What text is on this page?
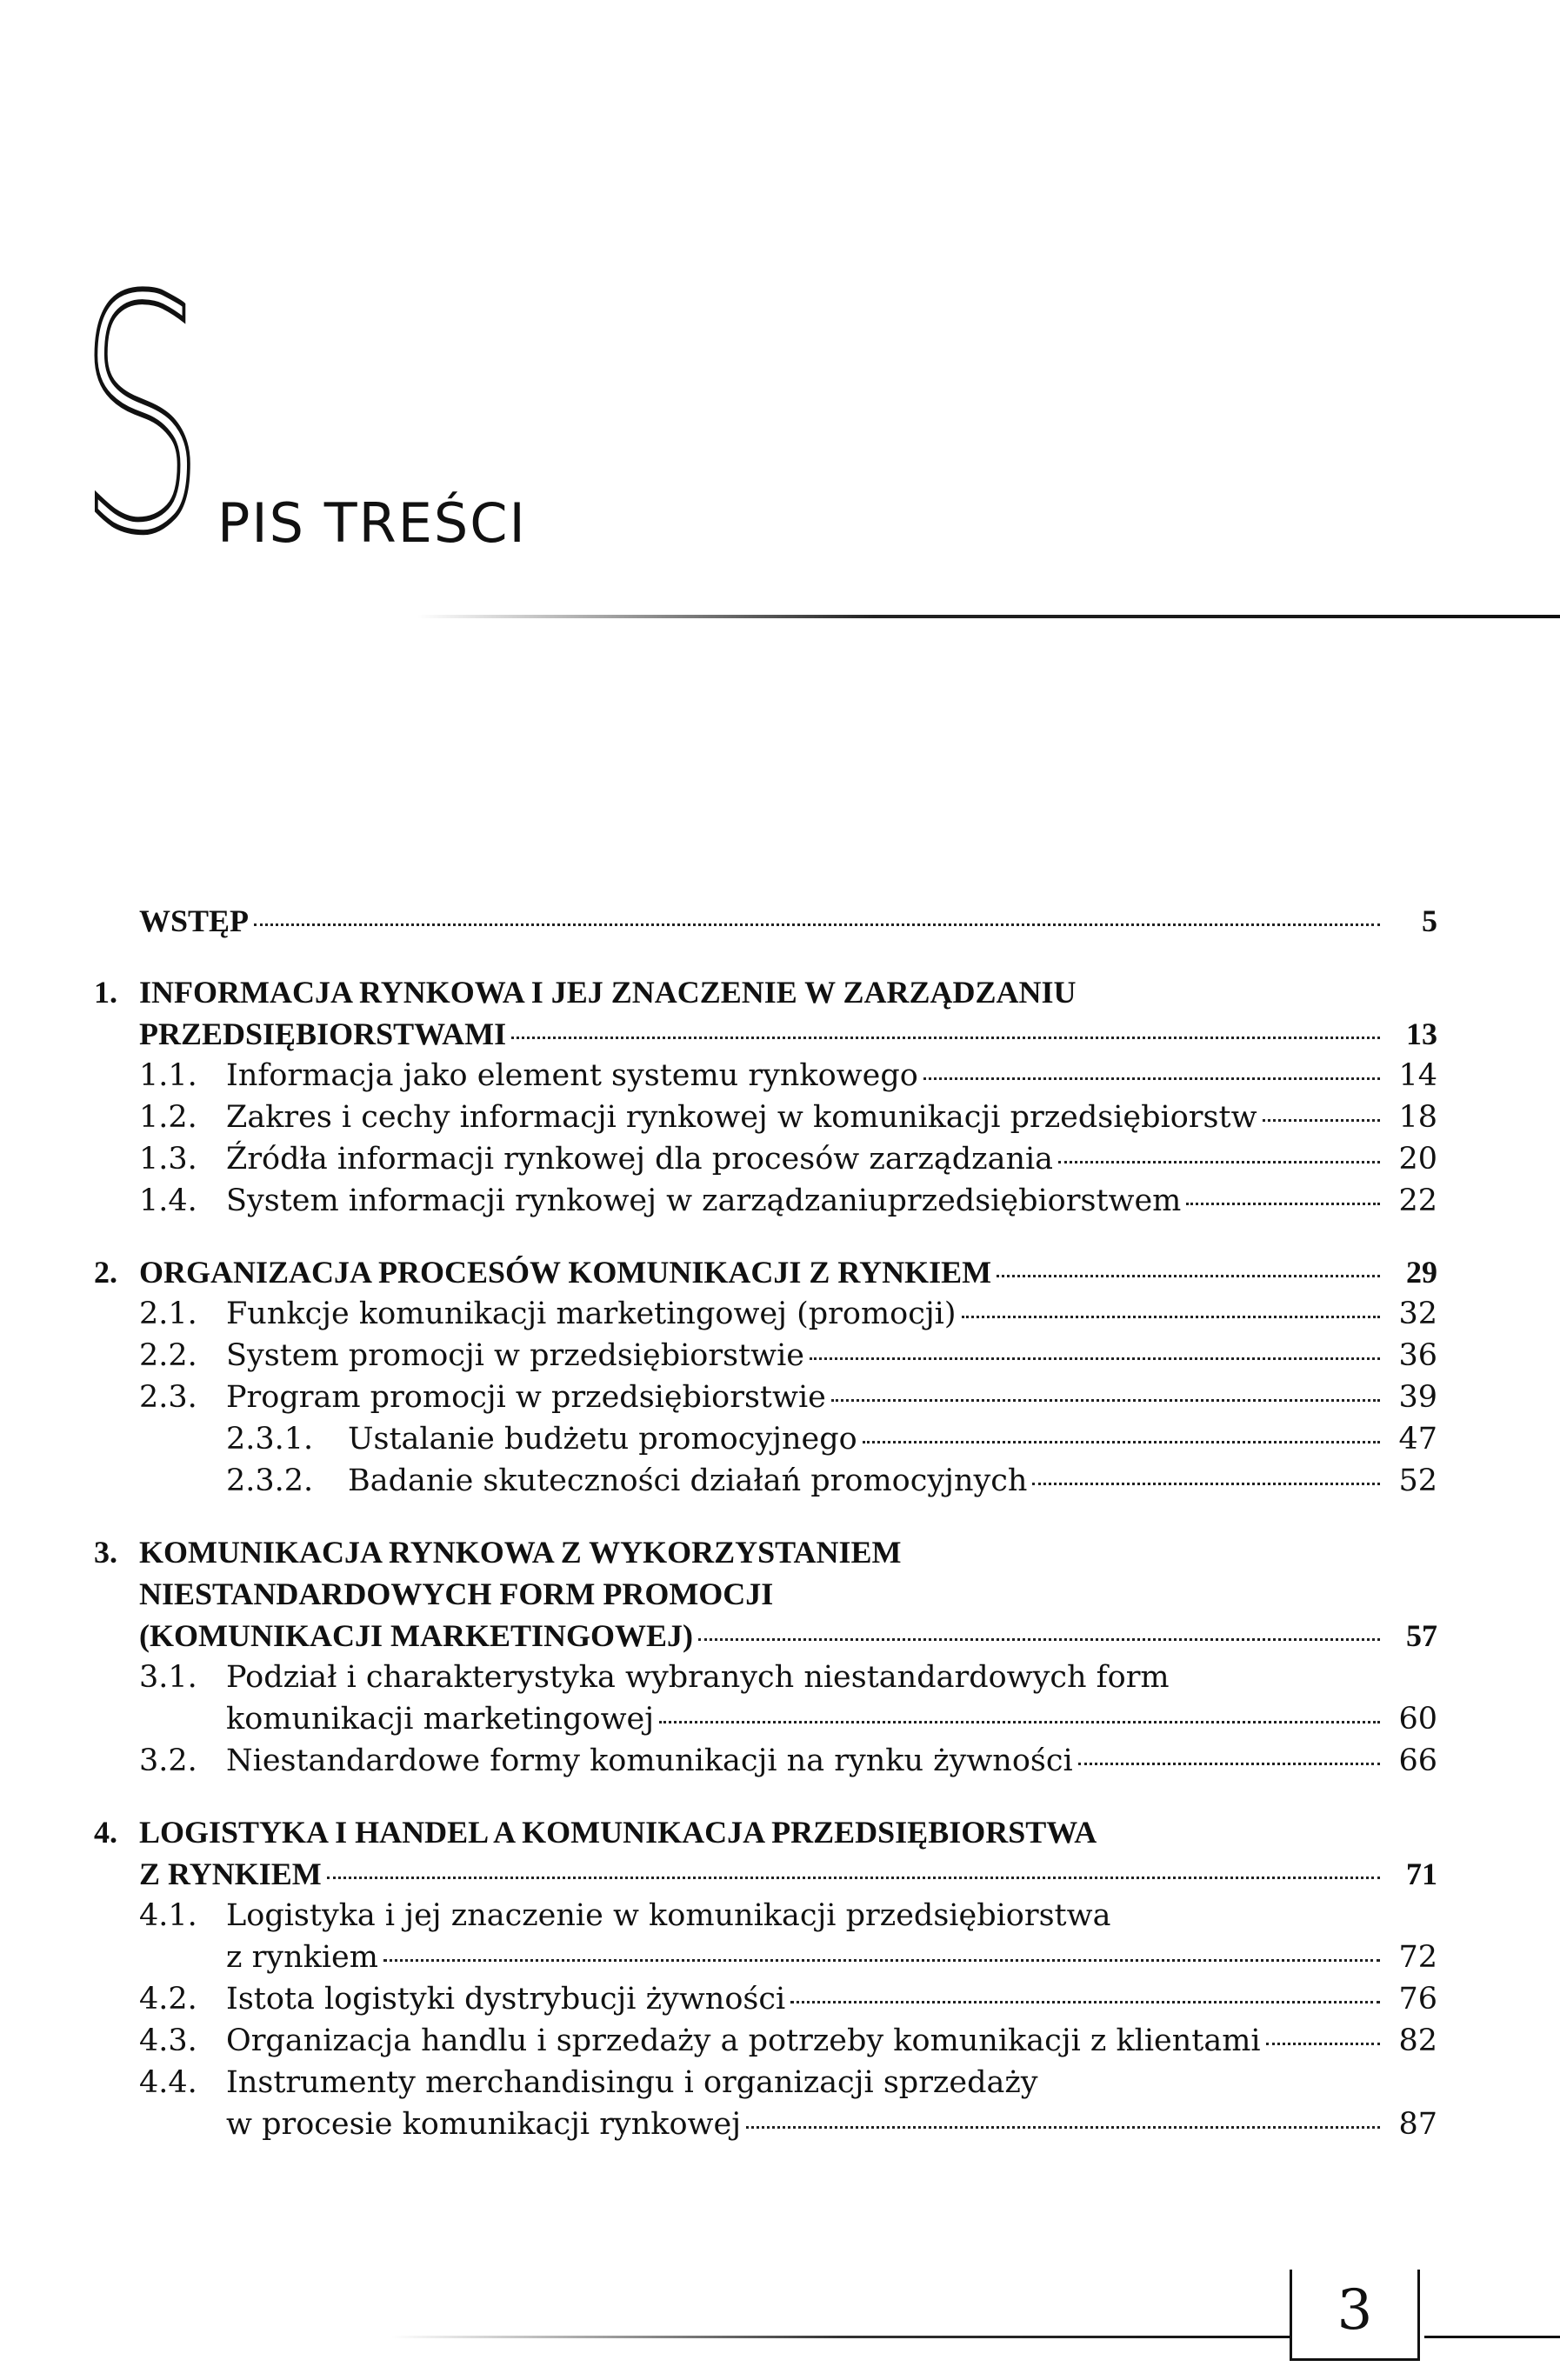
S PIS TREŚCI
WSTĘP	5
1. INFORMACJA RYNKOWA I JEJ ZNACZENIE W ZARZĄDZANIU
PRZEDSIĘBIORSTWAMI	13
1.1. Informacja jako element systemu rynkowego	14
1.2. Zakres i cechy informacji rynkowej w komunikacji przedsiębiorstw	18
1.3. Źródła informacji rynkowej dla procesów zarządzania	20
1.4. System informacji rynkowej w zarządzaniuprzedsiębiorstwem	22
2. ORGANIZACJA PROCESÓW KOMUNIKACJI Z RYNKIEM	29
2.1. Funkcje komunikacji marketingowej (promocji)	32
2.2. System promocji w przedsiębiorstwie	36
2.3. Program promocji w przedsiębiorstwie	39
2.3.1.	Ustalanie budżetu promocyjnego	47
2.3.2.	Badanie skuteczności działań promocyjnych	52
3. KOMUNIKACJA RYNKOWA Z WYKORZYSTANIEM
NIESTANDARDOWYCH FORM PROMOCJI
(KOMUNIKACJI MARKETINGOWEJ)	57
3.1. Podział i charakterystyka wybranych niestandardowych form
komunikacji marketingowej	60
3.2. Niestandardowe formy komunikacji na rynku żywności	66
4. LOGISTYKA I HANDEL A KOMUNIKACJA PRZEDSIĘBIORSTWA
Z RYNKIEM	71
4.1. Logistyka i jej znaczenie w komunikacji przedsiębiorstwa
z rynkiem	72
4.2. Istota logistyki dystrybucji żywności	76
4.3. Organizacja handlu i sprzedaży a potrzeby komunikacji z klientami	82
4.4. Instrumenty merchandisingu i organizacji sprzedaży
w procesie komunikacji rynkowej	87
3
